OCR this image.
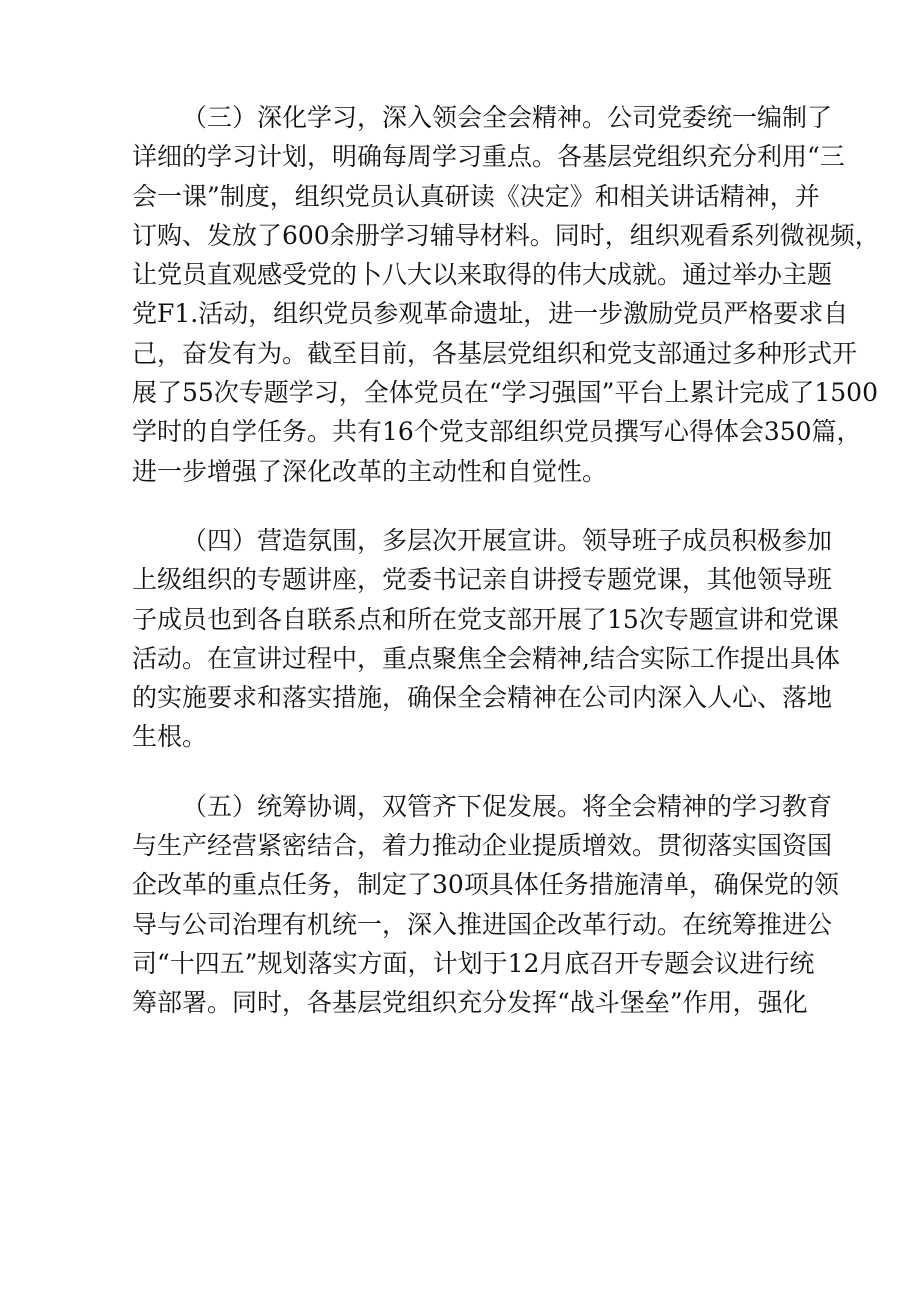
（三）深化学习，深入领会全会精神。公司党委统一编制了
详细的学习计划，明确每周学习重点。各基层党组织充分利用“三
会一课”制度，组织党员认真研读《决定》和相关讲话精神，并
订购、发放了600余册学习辅导材料。同时，组织观看系列微视频，
让党员直观感受党的卜八大以来取得的伟大成就。通过举办主题
党F1.活动，组织党员参观革命遗址，进一步激励党员严格要求自
己，奋发有为。截至目前，各基层党组织和党支部通过多种形式开
展了55次专题学习，全体党员在“学习强国”平台上累计完成了1500
学时的自学任务。共有16个党支部组织党员撰写心得体会350篇，
进一步增强了深化改革的主动性和自觉性。
（四）营造氛围，多层次开展宣讲。领导班子成员积极参加
上级组织的专题讲座，党委书记亲自讲授专题党课，其他领导班
子成员也到各自联系点和所在党支部开展了15次专题宣讲和党课
活动。在宣讲过程中，重点聚焦全会精神,结合实际工作提出具体
的实施要求和落实措施，确保全会精神在公司内深入人心、落地
生根。
（五）统筹协调，双管齐下促发展。将全会精神的学习教育
与生产经营紧密结合，着力推动企业提质增效。贯彻落实国资国
企改革的重点任务，制定了30项具体任务措施清单，确保党的领
导与公司治理有机统一，深入推进国企改革行动。在统筹推进公
司“十四五”规划落实方面，计划于12月底召开专题会议进行统
筹部署。同时，各基层党组织充分发挥“战斗堡垒”作用，强化
